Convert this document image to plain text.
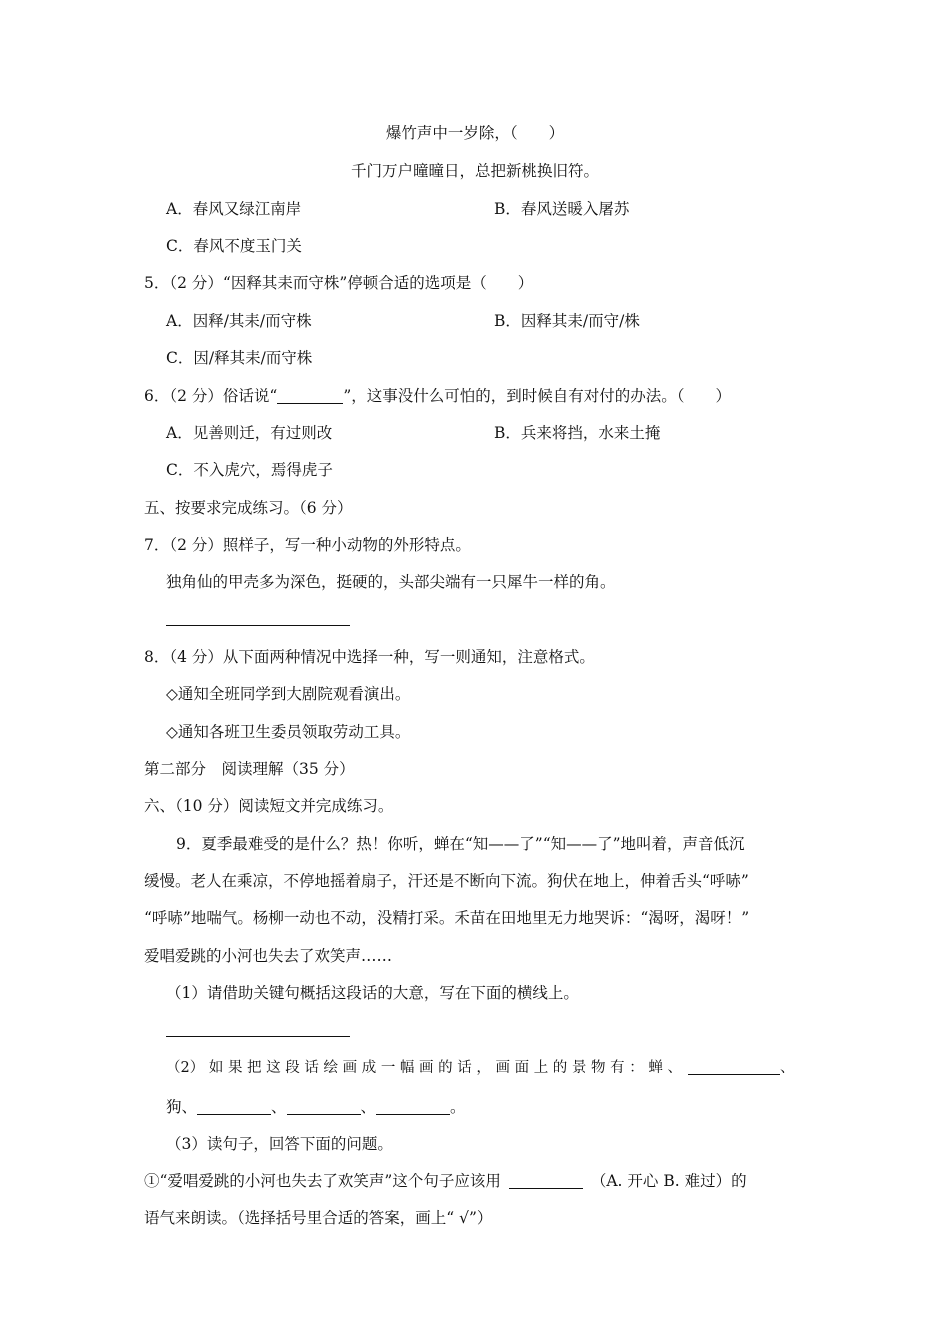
爆竹声中一岁除，（　　）

千门万户曈曈日，总把新桃换旧符。

A．春风又绿江南岸	B．春风送暖入屠苏

C．春风不度玉门关

5．（2 分）“因释其耒而守株”停顿合适的选项是（　　）

A．因释/其耒/而守株	B．因释其耒/而守/株

C．因/释其耒/而守株

6．（2 分）俗话说“	”，这事没什么可怕的，到时候自有对付的办法。（　　）

A．见善则迁，有过则改	B．兵来将挡，水来土掩

C．不入虎穴，焉得虎子

五、按要求完成练习。（6 分）

7．（2 分）照样子，写一种小动物的外形特点。

独角仙的甲壳多为深色，挺硬的，头部尖端有一只犀牛一样的角。

8．（4 分）从下面两种情况中选择一种，写一则通知，注意格式。

◇通知全班同学到大剧院观看演出。

◇通知各班卫生委员领取劳动工具。

第二部分　阅读理解（35 分）

六、（10 分）阅读短文并完成练习。

9．夏季最难受的是什么？热！你听，蝉在“知——了”“知——了”地叫着，声音低沉

缓慢。老人在乘凉，不停地摇着扇子，汗还是不断向下流。狗伏在地上，伸着舌头“呼哧”

“呼哧”地喘气。杨柳一动也不动，没精打采。禾苗在田地里无力地哭诉：“渴呀，渴呀！”

爱唱爱跳的小河也失去了欢笑声……

（1）请借助关键句概括这段话的大意，写在下面的横线上。

（2） 如 果 把 这 段 话 绘 画 成 一 幅 画 的 话 ， 画 面 上 的 景 物 有 ： 蝉 、	、

狗、	、	、	。

（3）读句子，回答下面的问题。

①“爱唱爱跳的小河也失去了欢笑声”这个句子应该用	（A. 开心 B. 难过）的

语气来朗读。（选择括号里合适的答案，画上“ √”）
